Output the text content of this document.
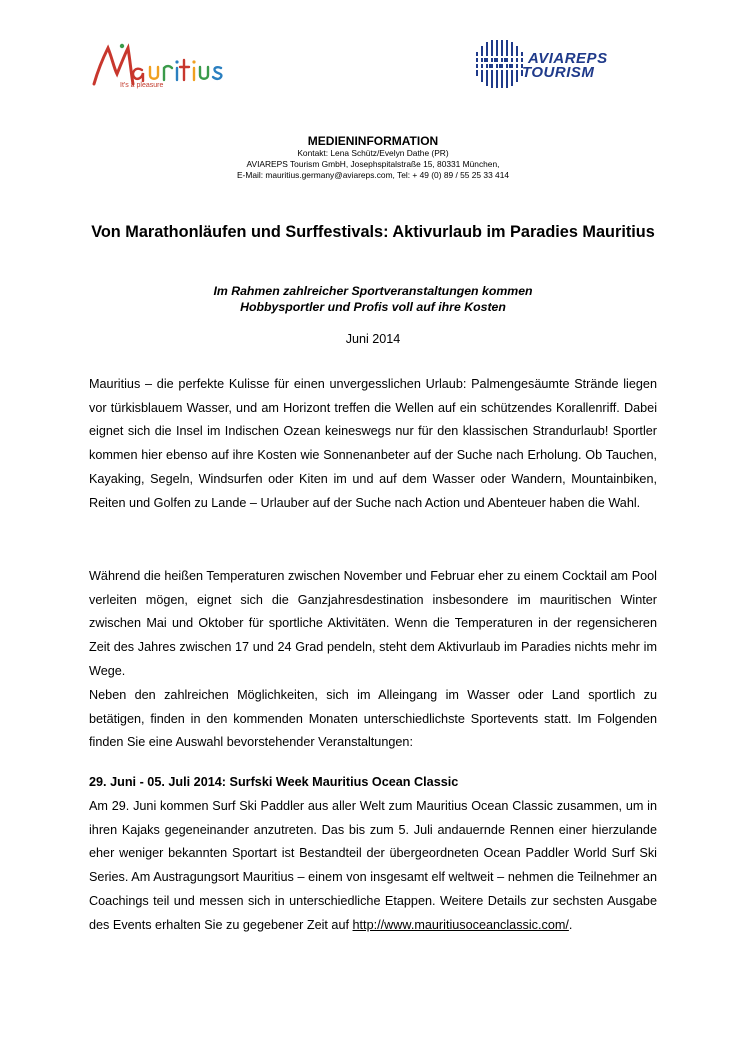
It's a pleasure
AVIAREPS
TOURISM
MEDIENINFORMATION
Kontakt: Lena Schütz/Evelyn Dathe (PR)
AVIAREPS Tourism GmbH, Josephspitalstraße 15, 80331 München,
E-Mail: mauritius.germany@aviareps.com, Tel: + 49 (0) 89 / 55 25 33 414
Von Marathonläufen und Surffestivals: Aktivurlaub im Paradies Mauritius
Im Rahmen zahlreicher Sportveranstaltungen kommen
Hobbysportler und Profis voll auf ihre Kosten
Juni 2014
Mauritius – die perfekte Kulisse für einen unvergesslichen Urlaub: Palmengesäumte Strände liegen vor türkisblauem Wasser, und am Horizont treffen die Wellen auf ein schützendes Korallenriff. Dabei eignet sich die Insel im Indischen Ozean keineswegs nur für den klassischen Strandurlaub! Sportler kommen hier ebenso auf ihre Kosten wie Sonnenanbeter auf der Suche nach Erholung. Ob Tauchen, Kayaking, Segeln, Windsurfen oder Kiten im und auf dem Wasser oder Wandern, Mountainbiken, Reiten und Golfen zu Lande – Urlauber auf der Suche nach Action und Abenteuer haben die Wahl.
Während die heißen Temperaturen zwischen November und Februar eher zu einem Cocktail am Pool verleiten mögen, eignet sich die Ganzjahresdestination insbesondere im mauritischen Winter zwischen Mai und Oktober für sportliche Aktivitäten. Wenn die Temperaturen in der regensicheren Zeit des Jahres zwischen 17 und 24 Grad pendeln, steht dem Aktivurlaub im Paradies nichts mehr im Wege.
Neben den zahlreichen Möglichkeiten, sich im Alleingang im Wasser oder Land sportlich zu betätigen, finden in den kommenden Monaten unterschiedlichste Sportevents statt. Im Folgenden finden Sie eine Auswahl bevorstehender Veranstaltungen:
29. Juni - 05. Juli 2014: Surfski Week Mauritius Ocean Classic
Am 29. Juni kommen Surf Ski Paddler aus aller Welt zum Mauritius Ocean Classic zusammen, um in ihren Kajaks gegeneinander anzutreten. Das bis zum 5. Juli andauernde Rennen einer hierzulande eher weniger bekannten Sportart ist Bestandteil der übergeordneten Ocean Paddler World Surf Ski Series. Am Austragungsort Mauritius – einem von insgesamt elf weltweit – nehmen die Teilnehmer an Coachings teil und messen sich in unterschiedliche Etappen. Weitere Details zur sechsten Ausgabe des Events erhalten Sie zu gegebener Zeit auf http://www.mauritiusoceanclassic.com/.
